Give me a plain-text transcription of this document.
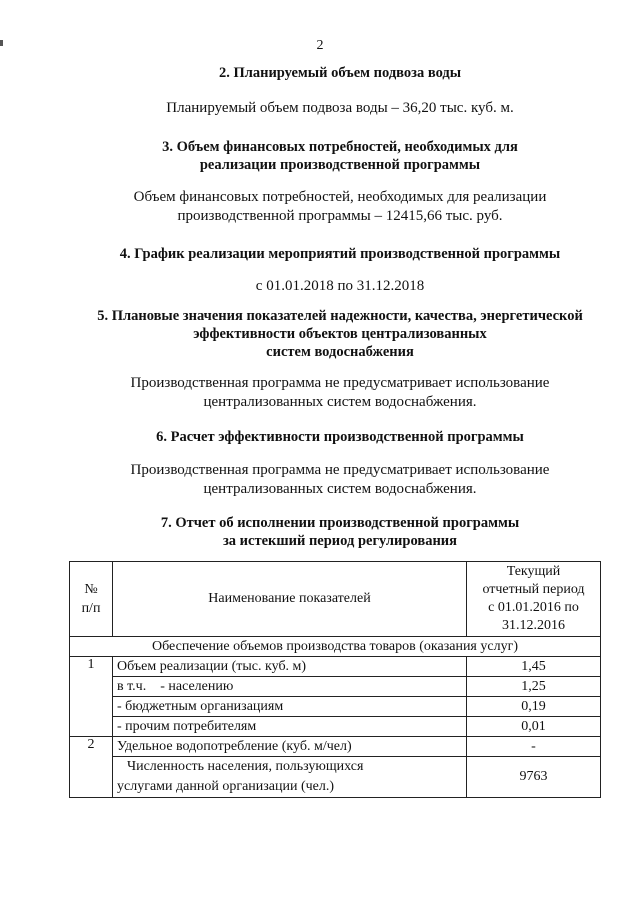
2
2. Планируемый объем подвоза воды
Планируемый объем подвоза воды – 36,20 тыс. куб. м.
3. Объем финансовых потребностей, необходимых для
реализации производственной программы
Объем финансовых потребностей, необходимых для реализации
производственной программы – 12415,66 тыс. руб.
4. График реализации мероприятий производственной программы
с 01.01.2018 по 31.12.2018
5. Плановые значения показателей надежности, качества, энергетической
эффективности объектов централизованных
систем водоснабжения
Производственная программа не предусматривает использование
централизованных систем водоснабжения.
6. Расчет эффективности производственной программы
Производственная программа не предусматривает использование
централизованных систем водоснабжения.
7. Отчет об исполнении производственной программы
за истекший период регулирования
№
п/п	Наименование показателей	Текущий
отчетный период
с 01.01.2016 по
31.12.2016

Обеспечение объемов производства товаров (оказания услуг)		
1	Объем реализации (тыс. куб. м)	1,45
	в т.ч. - населению	1,25
	- бюджетным организациям	0,19
	- прочим потребителям	0,01
2	Удельное водопотребление (куб. м/чел)	-

	Численность населения, пользующихся
услугами данной организации (чел.)	9763
